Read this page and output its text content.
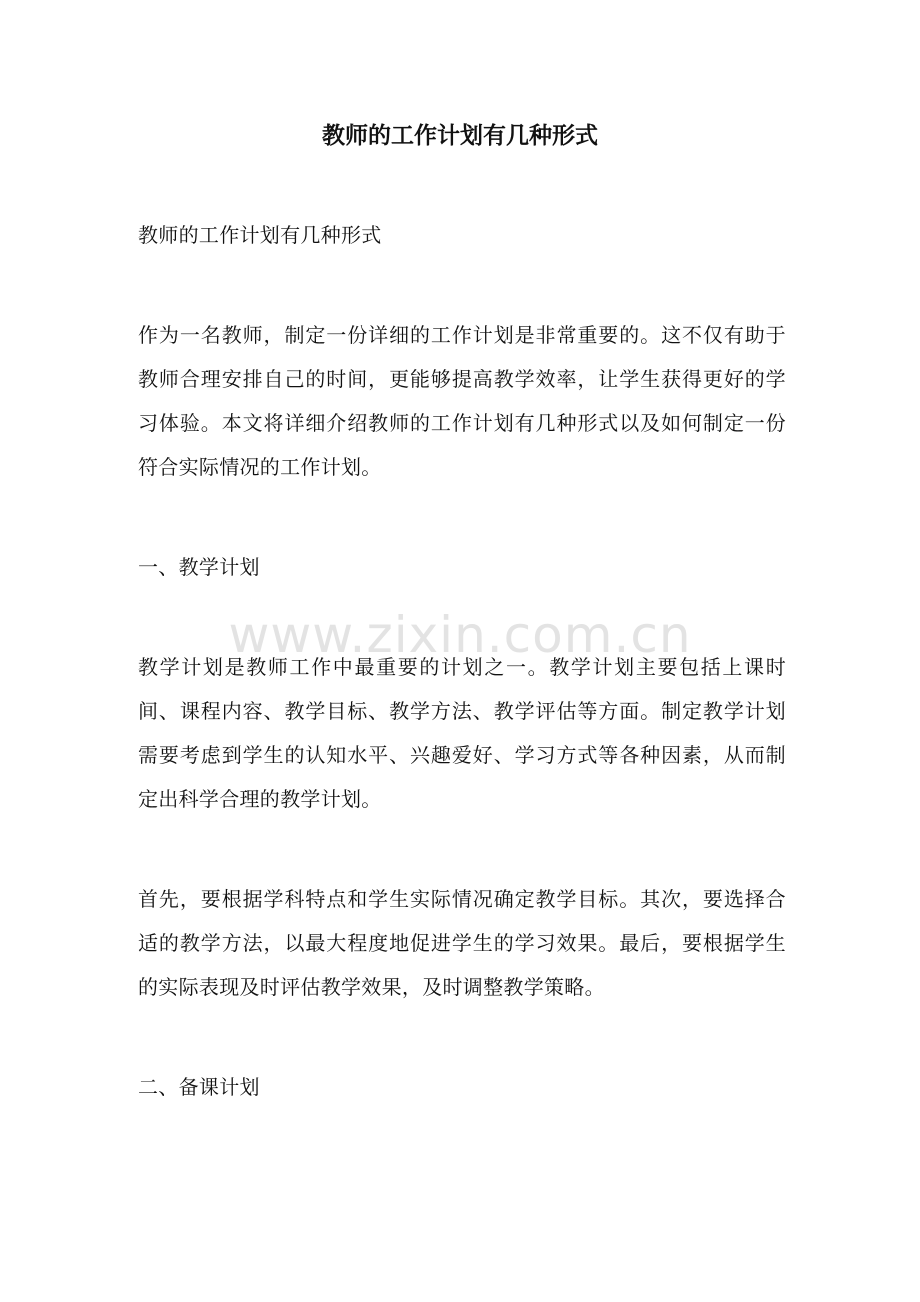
教师的工作计划有几种形式
www.zixin.com.cn

教师的工作计划有几种形式

作为一名教师，制定一份详细的工作计划是非常重要的。这不仅有助于教师合理安排自己的时间，更能够提高教学效率，让学生获得更好的学习体验。本文将详细介绍教师的工作计划有几种形式以及如何制定一份符合实际情况的工作计划。

一、教学计划

教学计划是教师工作中最重要的计划之一。教学计划主要包括上课时间、课程内容、教学目标、教学方法、教学评估等方面。制定教学计划需要考虑到学生的认知水平、兴趣爱好、学习方式等各种因素，从而制定出科学合理的教学计划。

首先，要根据学科特点和学生实际情况确定教学目标。其次，要选择合适的教学方法，以最大程度地促进学生的学习效果。最后，要根据学生的实际表现及时评估教学效果，及时调整教学策略。

二、备课计划
